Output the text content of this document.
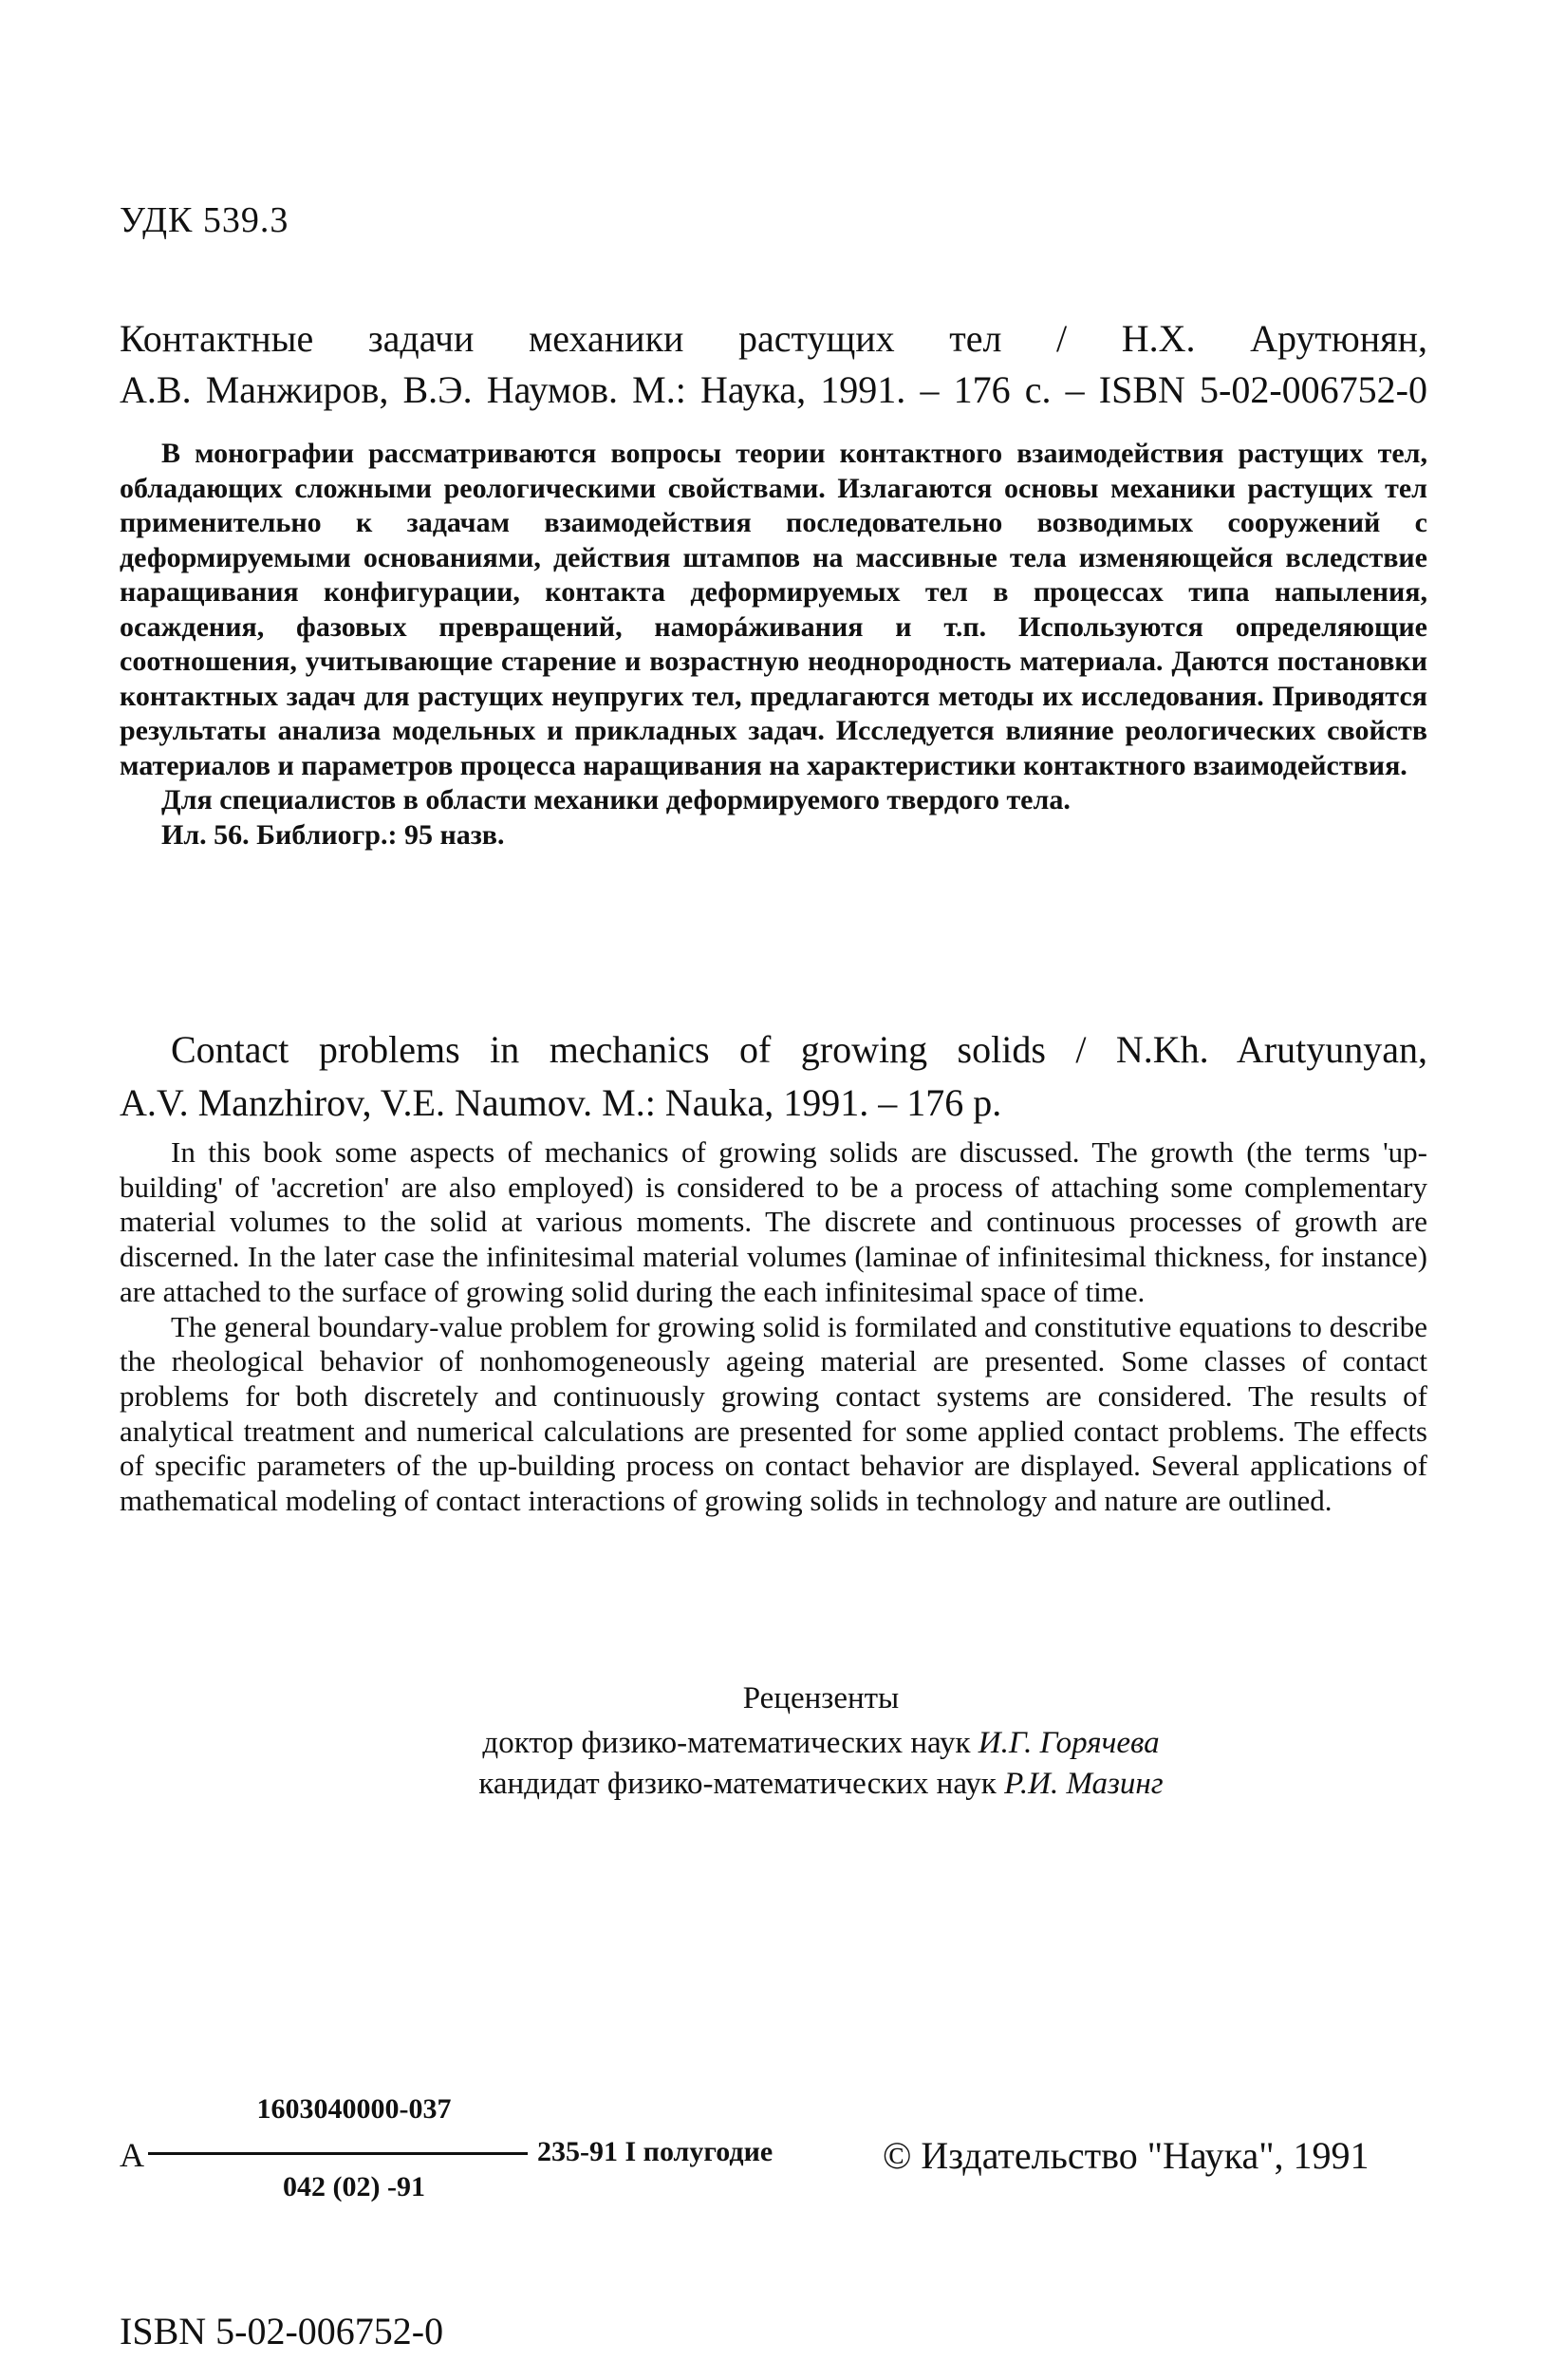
УДК 539.3
Контактные задачи механики растущих тел / Н.Х. Арутюнян,
А.В. Манжиров, В.Э. Наумов. М.: Наука, 1991. – 176 с. – ISBN 5-02-006752-0

В монографии рассматриваются вопросы теории контактного взаимодействия растущих тел, обладающих сложными реологическими свойствами. Излагаются основы механики растущих тел применительно к задачам взаимодействия последовательно возводимых сооружений с деформируемыми основаниями, действия штампов на массивные тела изменяющейся вследствие наращивания конфигурации, контакта деформируемых тел в процессах типа напыления, осаждения, фазовых превращений, наморáживания и т.п. Используются определяющие соотношения, учитывающие старение и возрастную неоднородность материала. Даются постановки контактных задач для растущих неупругих тел, предлагаются методы их исследования. Приводятся результаты анализа модельных и прикладных задач. Исследуется влияние реологических свойств материалов и параметров процесса наращивания на характеристики контактного взаимодействия.

Для специалистов в области механики деформируемого твердого тела.

Ил. 56. Библиогр.: 95 назв.

Contact problems in mechanics of growing solids / N.Kh. Arutyunyan,
A.V. Manzhirov, V.E. Naumov. M.: Nauka, 1991. – 176 p.

In this book some aspects of mechanics of growing solids are discussed. The growth (the terms 'up-building' of 'accretion' are also employed) is considered to be a process of attaching some complementary material volumes to the solid at various moments. The discrete and continuous processes of growth are discerned. In the later case the infinitesimal material volumes (laminae of infinitesimal thickness, for instance) are attached to the surface of growing solid during the each infinitesimal space of time.

The general boundary-value problem for growing solid is formilated and constitutive equations to describe the rheological behavior of nonhomogeneously ageing material are presented. Some classes of contact problems for both discretely and continuously growing contact systems are considered. The results of analytical treatment and numerical calculations are presented for some applied contact problems. The effects of specific parameters of the up-building process on contact behavior are displayed. Several applications of mathematical modeling of contact interactions of growing solids in technology and nature are outlined.

Рецензенты
доктор физико-математических наук И.Г. Горячева
кандидат физико-математических наук Р.И. Мазинг
А
1603040000-037
042 (02) -91
235-91 I полугодие	© Издательство "Наука", 1991
ISBN 5-02-006752-0
